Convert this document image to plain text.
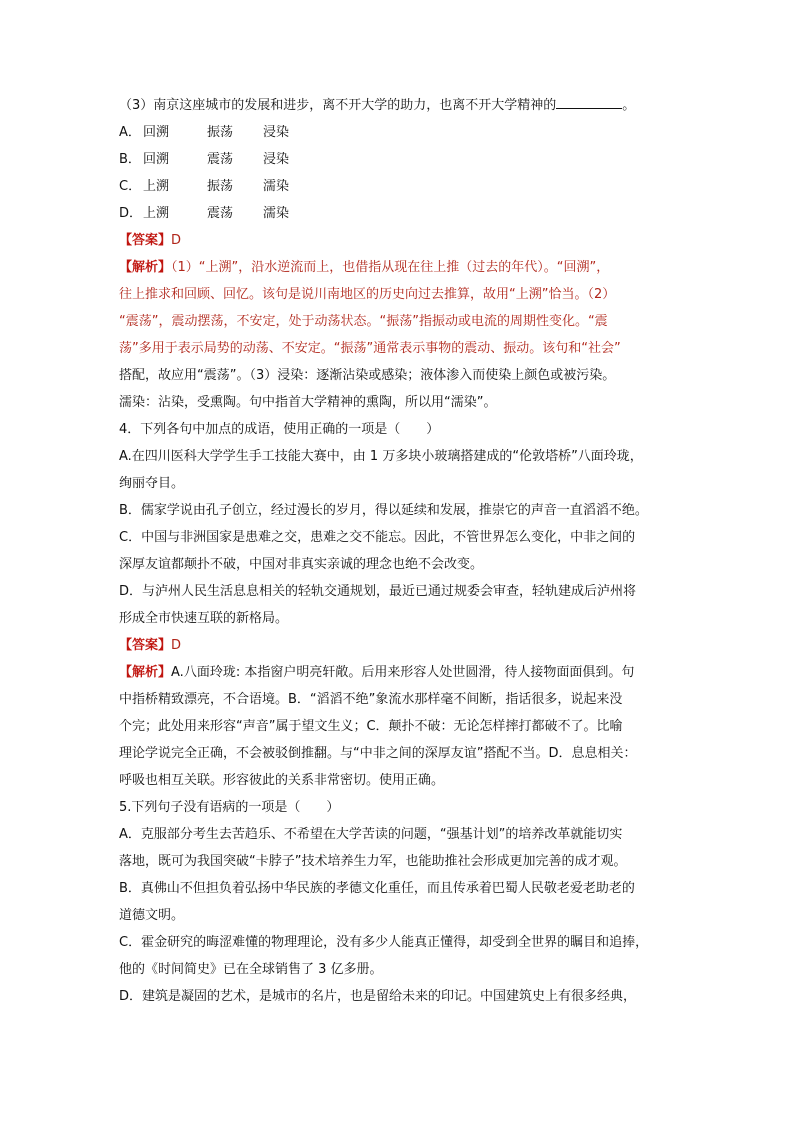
（3）南京这座城市的发展和进步，离不开大学的助力，也离不开大学精神的	。
A． 回溯	振荡 浸染
B． 回溯	震荡 浸染
C． 上溯	振荡 濡染
D．上溯	震荡 濡染
【答案】D
【解析】（1）“上溯”，沿水逆流而上，也借指从现在往上推（过去的年代）。“回溯”，
往上推求和回顾、回忆。该句是说川南地区的历史向过去推算，故用“上溯”恰当。（2）
“震荡”，震动摆荡，不安定，处于动荡状态。“振荡”指振动或电流的周期性变化。“震
荡”多用于表示局势的动荡、不安定。“振荡”通常表示事物的震动、振动。该句和“社会”
搭配，故应用“震荡”。（3）浸染：逐渐沾染或感染；液体渗入而使染上颜色或被污染。
濡染：沾染，受熏陶。句中指首大学精神的熏陶，所以用“濡染”。
4．下列各句中加点的成语，使用正确的一项是（　　）
A.在四川医科大学学生手工技能大赛中，由 1 万多块小玻璃搭建成的“伦敦塔桥”八面玲珑，
绚丽夺目。
B．儒家学说由孔子创立，经过漫长的岁月，得以延续和发展，推崇它的声音一直滔滔不绝。
C．中国与非洲国家是患难之交，患难之交不能忘。因此，不管世界怎么变化，中非之间的
深厚友谊都颠扑不破，中国对非真实亲诚的理念也绝不会改变。
D．与泸州人民生活息息相关的轻轨交通规划，最近已通过规委会审查，轻轨建成后泸州将
形成全市快速互联的新格局。
【答案】D
【解析】A.八面玲珑: 本指窗户明亮轩敞。后用来形容人处世圆滑，待人接物面面俱到。句
中指桥精致漂亮，不合语境。B．“滔滔不绝”象流水那样毫不间断，指话很多，说起来没
个完；此处用来形容“声音”属于望文生义；C．颠扑不破：无论怎样摔打都破不了。比喻
理论学说完全正确，不会被驳倒推翻。与“中非之间的深厚友谊”搭配不当。D．息息相关：
呼吸也相互关联。形容彼此的关系非常密切。使用正确。
5.下列句子没有语病的一项是（　　）
A．克服部分考生去苦趋乐、不希望在大学苦读的问题，“强基计划”的培养改革就能切实
落地，既可为我国突破“卡脖子”技术培养生力军，也能助推社会形成更加完善的成才观。
B．真佛山不但担负着弘扬中华民族的孝德文化重任，而且传承着巴蜀人民敬老爱老助老的
道德文明。
C．霍金研究的晦涩难懂的物理理论，没有多少人能真正懂得，却受到全世界的瞩目和追捧，
他的《时间简史》已在全球销售了 3 亿多册。
D．建筑是凝固的艺术，是城市的名片，也是留给未来的印记。中国建筑史上有很多经典，
